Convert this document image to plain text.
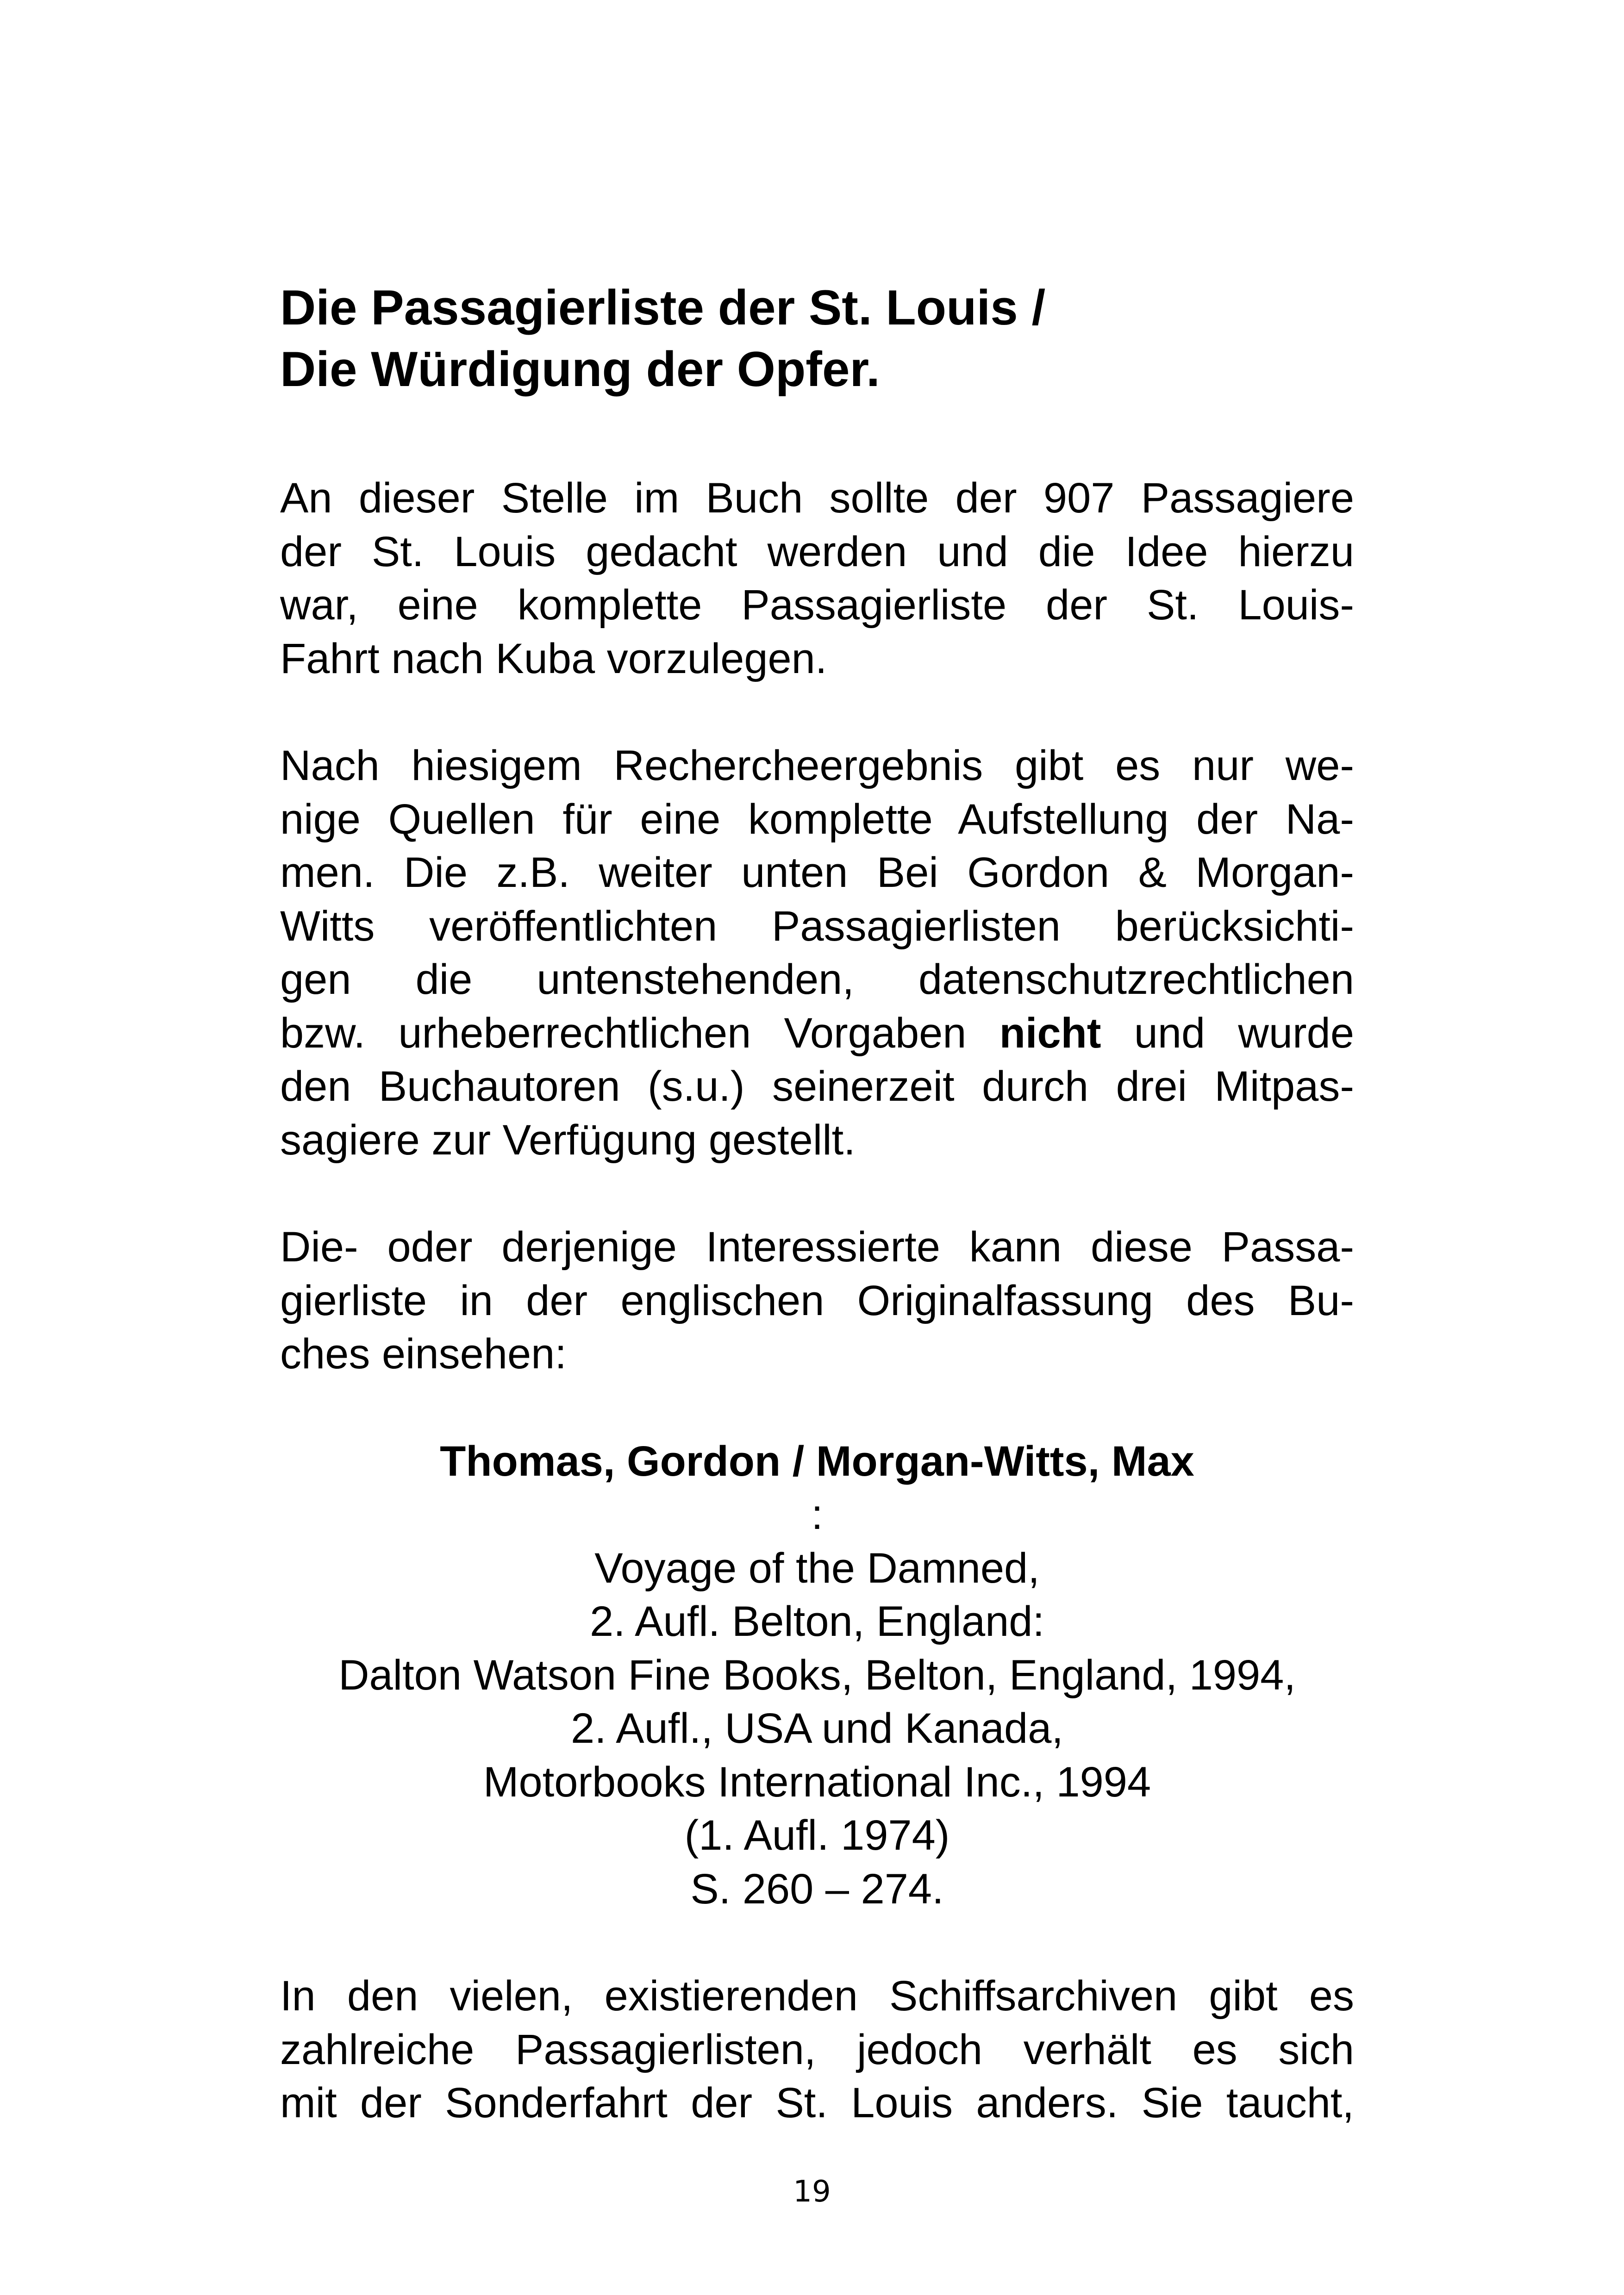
Die Passagierliste der St. Louis /
Die Würdigung der Opfer.

An dieser Stelle im Buch sollte der 907 Passagiere
der St. Louis gedacht werden und die Idee hierzu
war, eine komplette Passagierliste der St. Louis-
Fahrt nach Kuba vorzulegen.

Nach hiesigem Rechercheergebnis gibt es nur we-
nige Quellen für eine komplette Aufstellung der Na-
men. Die z.B. weiter unten Bei Gordon & Morgan-
Witts veröffentlichten Passagierlisten berücksichti-
gen die untenstehenden, datenschutzrechtlichen
bzw. urheberrechtlichen Vorgaben nicht und wurde
den Buchautoren (s.u.) seinerzeit durch drei Mitpas-
sagiere zur Verfügung gestellt.

Die- oder derjenige Interessierte kann diese Passa-
gierliste in der englischen Originalfassung des Bu-
ches einsehen:

Thomas, Gordon / Morgan-Witts, Max
:
Voyage of the Damned,
2. Aufl. Belton, England:
Dalton Watson Fine Books, Belton, England, 1994,
2. Aufl., USA und Kanada,
Motorbooks International Inc., 1994
(1. Aufl. 1974)
S. 260 – 274.

In den vielen, existierenden Schiffsarchiven gibt es
zahlreiche Passagierlisten, jedoch verhält es sich
mit der Sonderfahrt der St. Louis anders. Sie taucht,

19
